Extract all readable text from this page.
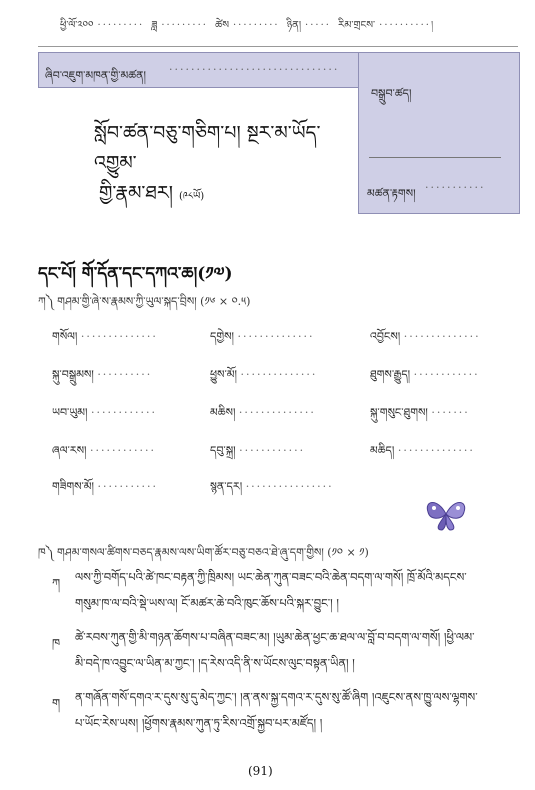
ཕྱི་ལོ་༢༠༠ ········· ཟླ ········· ཚེས ········· ཉིན། ····· རིམ་གྲངས་ ··········།
ཞིབ་འཇུག་མཁན་གྱི་མཚན། ·······························
བསྒྲུབ་ཚད།
མཚན་རྟགས། ···········
སློབ་ཚན་བཅུ་གཅིག་པ། སྔར་མ་ཡོད་འགྱུམ་
གྱི་རྣམ་ཐར། (༩༨ཡོ)
དང་པོ། གོ་དོན་དང་དཀའ་ཆ།(༡༧)
ཀ༽ གཤམ་གྱི་ཞེ་ས་རྣམས་ཀྱི་ཡུལ་སྐད་བྲིས། (༡༦ × ༠.༥)
གསོལ། ··············	དགྱེས། ··············	འབྱོངས། ··············
སྐུ་བསྒྲུམས། ··········	ཕྱུས་མོ། ··············	ཐུགས་རྒྱུད། ············
ཡབ་ཡུམ། ············	མཆིས། ··············	སྐུ་གསུང་ཐུགས། ·······
ཞལ་རས། ············	དབུ་སྐྲ། ············	མཆིད། ··············
གཟིགས་མོ། ···········	སྙན་དར། ················
ཁ༽ གཤམ་གསལ་ཚིགས་བཅད་རྣམས་ལས་ཡིག་ཚོར་བཅུ་བཅའ་ཐེ་ཞུ་དག་གྱིས། (༡༠ × ༡)
ཀ ལས་ཀྱི་བགོད་པའི་ཚེ་ཁང་བརྟན་ཀྱི་ཁྲིམས། ཡང་ཆེན་ཀུན་བཟང་བའི་ཆེན་བདག་ལ་གསོ། ཁྲོ་མོའི་མདངས་
གསུམ་ཁ་ལ་བའི་སྡེ་ཡས་ལ། ངོ་མཚར་ཆེ་བའི་ཁུང་ཆོས་པའི་སྐར་བྱུང་། །
ཁ ཚེ་རབས་ཀུན་གྱི་མི་གཉན་ཆོགས་པ་བཞིན་བཟང་མ། །ཡུམ་ཆེན་ཕྱང་ཆ་ཐལ་ལ་བློ་བ་བདག་ལ་གསོ། །ཕྱི་ལམ་
མི་བདེ་ཁ་འབྱུང་ལ་ཡིན་མ་ཀྱང་། །ད་རེས་འདི་ནི་ས་ཡོངས་ལུང་བསྟན་ཡིན། །
ག ན་གཞོན་གསོ་དགའ་ར་དུས་སུ་དུ་མེད་ཀྱང་། །ན་ནས་སྐྱ་དགའ་ར་དུས་སུ་ཚོ་ཞིག །འཇུངས་ནས་ཁྱུ་ལས་ལྷགས་
པ་ཡོང་རེས་ཡས། །ཕྱོགས་རྣམས་ཀུན་ཏུ་རིས་འགྲོ་སྐྱབ་པར་མཛོད། །
(91)
